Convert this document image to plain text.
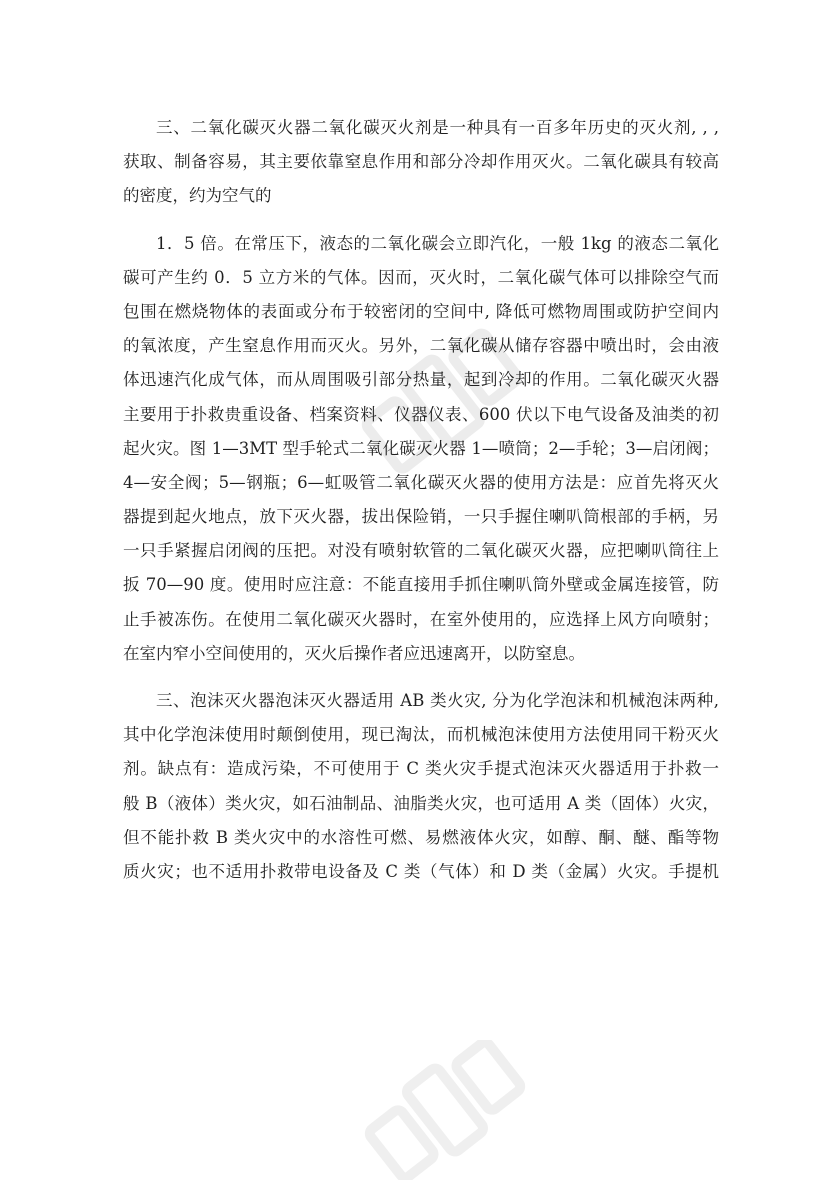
三、二氧化碳灭火器二氧化碳灭火剂是一种具有一百多年历史的灭火剂, , ,
获取、制备容易，其主要依靠窒息作用和部分冷却作用灭火。二氧化碳具有较高
的密度，约为空气的
1．5 倍。在常压下，液态的二氧化碳会立即汽化，一般 1kg 的液态二氧化
碳可产生约 0．5 立方米的气体。因而，灭火时，二氧化碳气体可以排除空气而
包围在燃烧物体的表面或分布于较密闭的空间中, 降低可燃物周围或防护空间内
的氧浓度，产生窒息作用而灭火。另外，二氧化碳从储存容器中喷出时，会由液
体迅速汽化成气体，而从周围吸引部分热量，起到冷却的作用。二氧化碳灭火器
主要用于扑救贵重设备、档案资料、仪器仪表、600 伏以下电气设备及油类的初
起火灾。图 1—3MT 型手轮式二氧化碳灭火器 1—喷筒；2—手轮；3—启闭阀；
4—安全阀；5—钢瓶；6—虹吸管二氧化碳灭火器的使用方法是：应首先将灭火
器提到起火地点，放下灭火器，拔出保险销，一只手握住喇叭筒根部的手柄，另
一只手紧握启闭阀的压把。对没有喷射软管的二氧化碳灭火器，应把喇叭筒往上
扳 70—90 度。使用时应注意：不能直接用手抓住喇叭筒外壁或金属连接管，防
止手被冻伤。在使用二氧化碳灭火器时，在室外使用的，应选择上风方向喷射；
在室内窄小空间使用的，灭火后操作者应迅速离开，以防窒息。
三、泡沫灭火器泡沫灭火器适用 AB 类火灾, 分为化学泡沫和机械泡沫两种,
其中化学泡沫使用时颠倒使用，现已淘汰，而机械泡沫使用方法使用同干粉灭火
剂。缺点有：造成污染，不可使用于 C 类火灾手提式泡沫灭火器适用于扑救一
般 B（液体）类火灾，如石油制品、油脂类火灾，也可适用 A 类（固体）火灾，
但不能扑救 B 类火灾中的水溶性可燃、易燃液体火灾，如醇、酮、醚、酯等物
质火灾；也不适用扑救带电设备及 C 类（气体）和 D 类（金属）火灾。手提机
